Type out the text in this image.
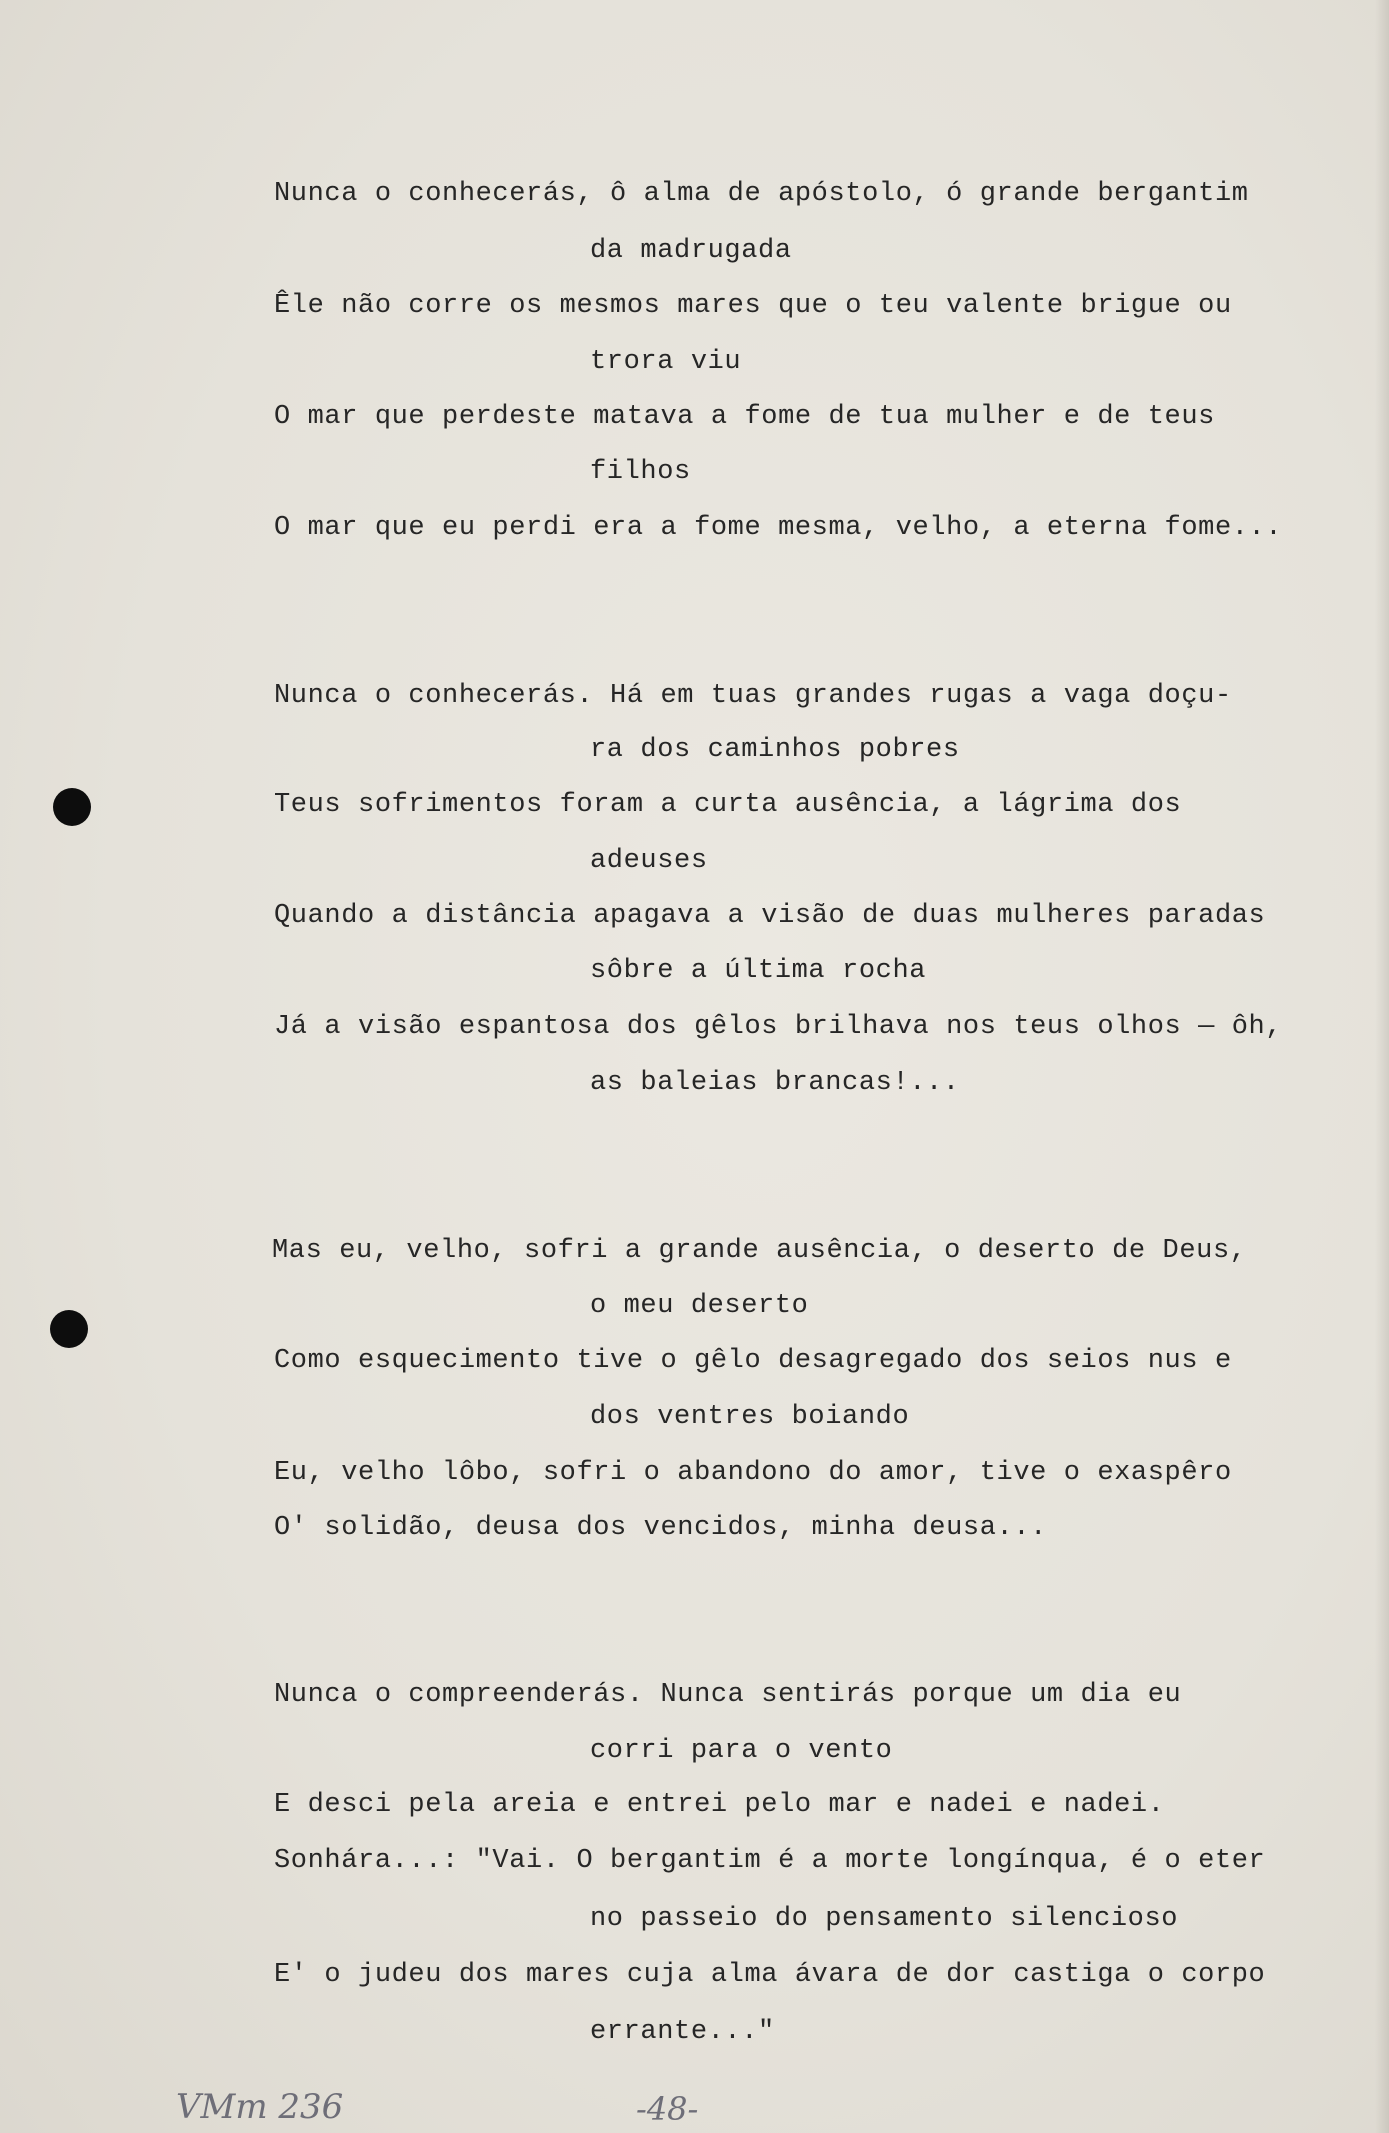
Nunca o conhecerás, ô alma de apóstolo, ó grande bergantim
da madrugada
Êle não corre os mesmos mares que o teu valente brigue ou
trora viu
O mar que perdeste matava a fome de tua mulher e de teus
filhos
O mar que eu perdi era a fome mesma, velho, a eterna fome...
Nunca o conhecerás. Há em tuas grandes rugas a vaga doçu-
ra dos caminhos pobres
Teus sofrimentos foram a curta ausência, a lágrima dos
adeuses
Quando a distância apagava a visão de duas mulheres paradas
sôbre a última rocha
Já a visão espantosa dos gêlos brilhava nos teus olhos — ôh,
as baleias brancas!...
Mas eu, velho, sofri a grande ausência, o deserto de Deus,
o meu deserto
Como esquecimento tive o gêlo desagregado dos seios nus e
dos ventres boiando
Eu, velho lôbo, sofri o abandono do amor, tive o exaspêro
O' solidão, deusa dos vencidos, minha deusa...
Nunca o compreenderás. Nunca sentirás porque um dia eu
corri para o vento
E desci pela areia e entrei pelo mar e nadei e nadei.
Sonhára...: "Vai. O bergantim é a morte longínqua, é o eter
no passeio do pensamento silencioso
E' o judeu dos mares cuja alma ávara de dor castiga o corpo
errante..."
VMm 236	-48-
